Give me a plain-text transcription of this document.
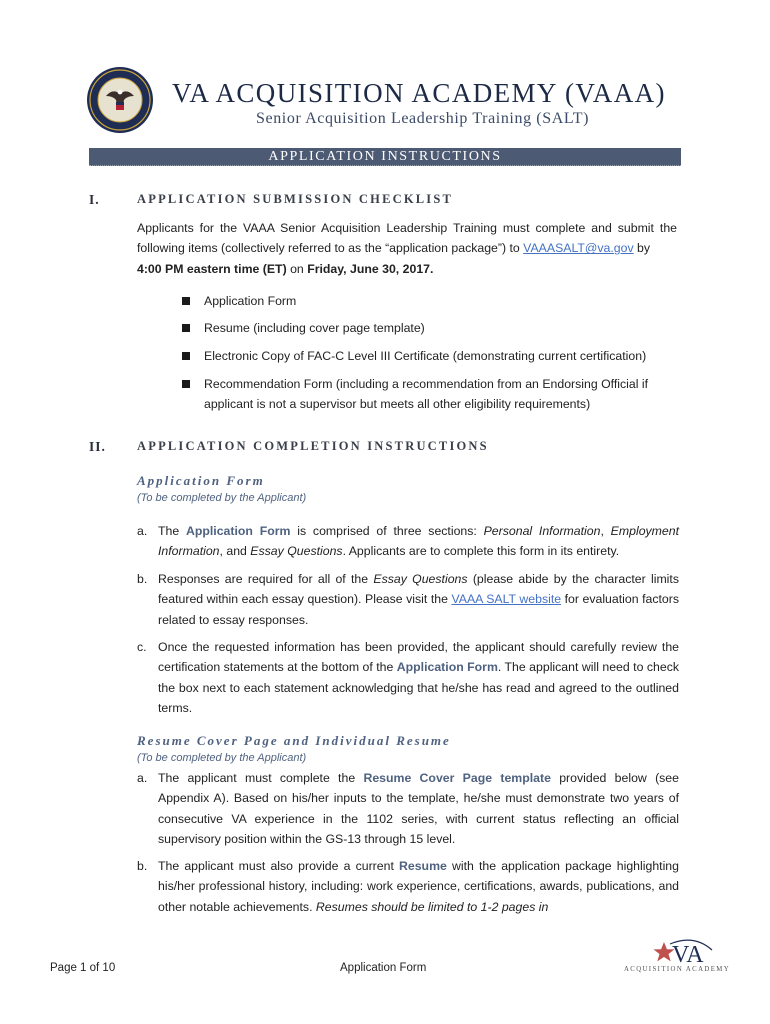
VA ACQUISITION ACADEMY (VAAA)
Senior Acquisition Leadership Training (SALT)
APPLICATION INSTRUCTIONS
I.	APPLICATION SUBMISSION CHECKLIST
Applicants for the VAAA Senior Acquisition Leadership Training must complete and submit the following items (collectively referred to as the “application package”) to VAAASALT@va.gov by
4:00 PM eastern time (ET) on Friday, June 30, 2017.
Application Form
Resume (including cover page template)
Electronic Copy of FAC-C Level III Certificate (demonstrating current certification)
Recommendation Form (including a recommendation from an Endorsing Official if applicant is not a supervisor but meets all other eligibility requirements)
II. APPLICATION COMPLETION INSTRUCTIONS
Application Form
(To be completed by the Applicant)
a. The Application Form is comprised of three sections: Personal Information, Employment Information, and Essay Questions. Applicants are to complete this form in its entirety.
b. Responses are required for all of the Essay Questions (please abide by the character limits featured within each essay question). Please visit the VAAA SALT website for evaluation factors related to essay responses.
c. Once the requested information has been provided, the applicant should carefully review the certification statements at the bottom of the Application Form. The applicant will need to check the box next to each statement acknowledging that he/she has read and agreed to the outlined terms.
Resume Cover Page and Individual Resume
(To be completed by the Applicant)
a. The applicant must complete the Resume Cover Page template provided below (see Appendix A). Based on his/her inputs to the template, he/she must demonstrate two years of consecutive VA experience in the 1102 series, with current status reflecting an official supervisory position within the GS-13 through 15 level.
b. The applicant must also provide a current Resume with the application package highlighting his/her professional history, including: work experience, certifications, awards, publications, and other notable achievements. Resumes should be limited to 1-2 pages in
Page 1 of 10	Application Form	VA
ACQUISITION ACADEMY
